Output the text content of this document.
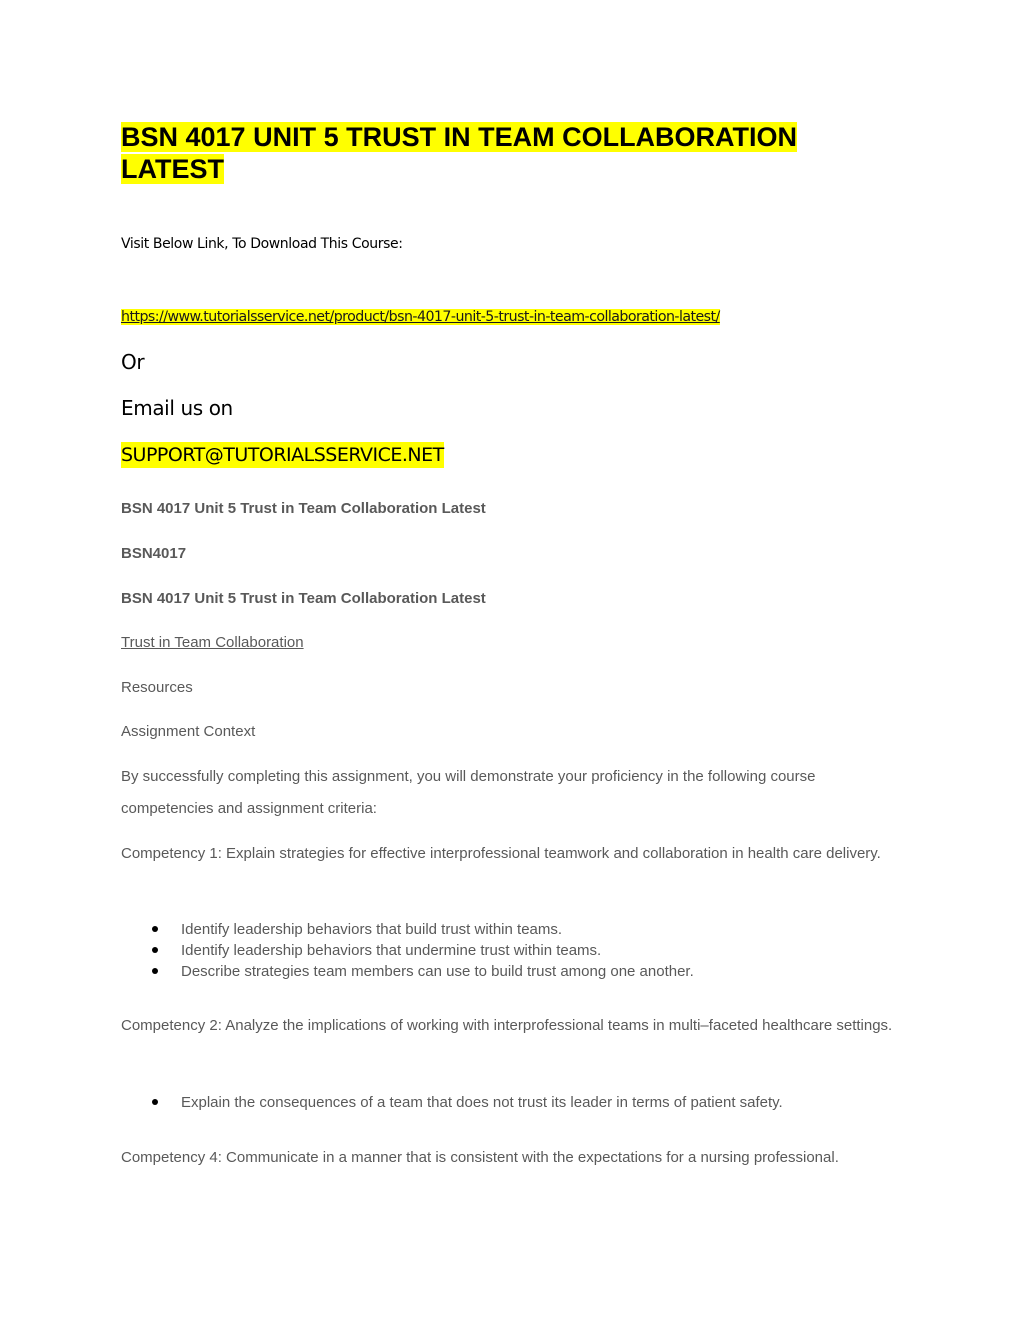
BSN 4017 UNIT 5 TRUST IN TEAM COLLABORATION LATEST
Visit Below Link, To Download This Course:
https://www.tutorialsservice.net/product/bsn-4017-unit-5-trust-in-team-collaboration-latest/
Or
Email us on
SUPPORT@TUTORIALSSERVICE.NET
BSN 4017 Unit 5 Trust in Team Collaboration Latest
BSN4017
BSN 4017 Unit 5 Trust in Team Collaboration Latest
Trust in Team Collaboration
Resources
Assignment Context

By successfully completing this assignment, you will demonstrate your proficiency in the following course competencies and assignment criteria:

Competency 1: Explain strategies for effective interprofessional teamwork and collaboration in health care delivery.

Identify leadership behaviors that build trust within teams.
Identify leadership behaviors that undermine trust within teams.
Describe strategies team members can use to build trust among one another.

Competency 2: Analyze the implications of working with interprofessional teams in multi–faceted healthcare settings.

Explain the consequences of a team that does not trust its leader in terms of patient safety.

Competency 4: Communicate in a manner that is consistent with the expectations for a nursing professional.
